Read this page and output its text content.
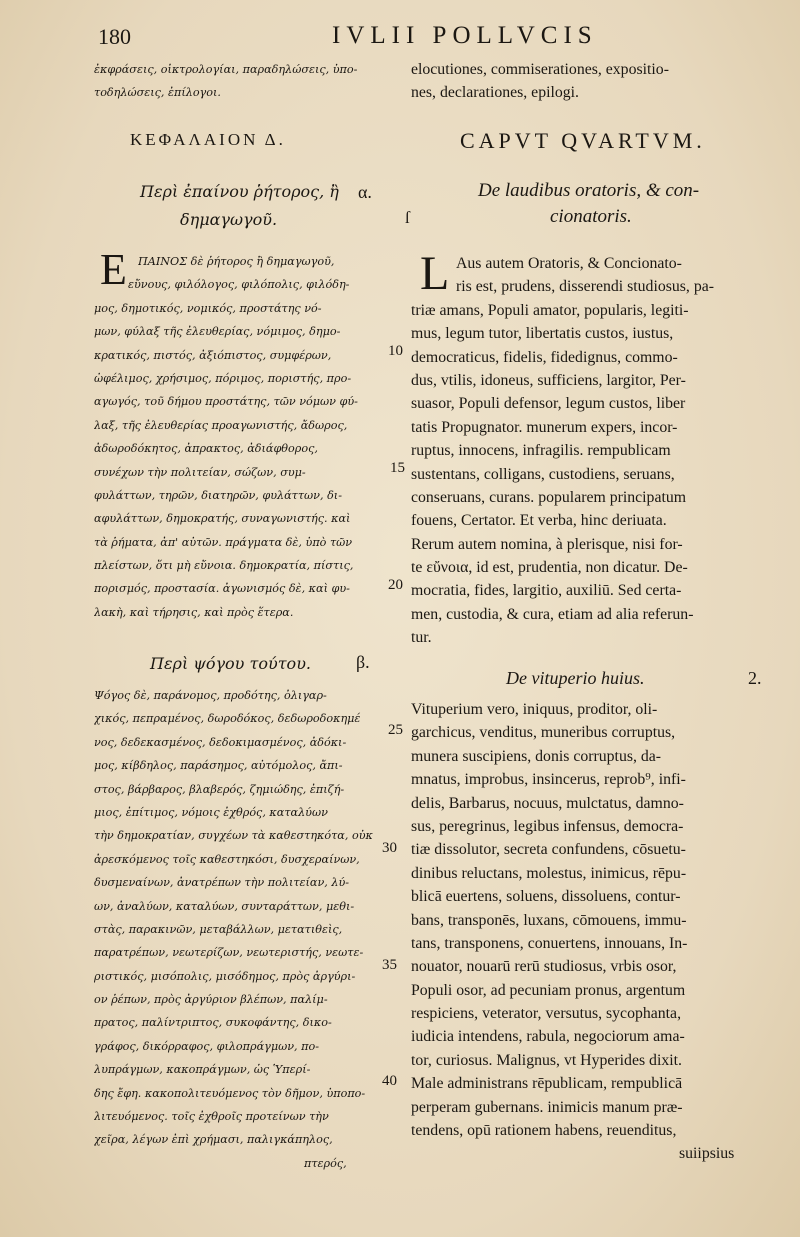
180	IVLII POLLVCIS
ἐκφράσεις, οἰκτρολογίαι, παραδηλώσεις, ὑπο-
τοδηλώσεις, ἐπίλογοι.
elocutiones, commiserationes, expositio-
nes, declarationes, epilogi.
ΚΕΦΑΛΑΙΟΝ Δ.	CAPVT QVARTVM.
Περὶ ἐπαίνου ῥήτορος, ἢ
δημαγωγοῦ.
α.	De laudibus oratoris, & con-
cionatoris.
ſ
Ε	L
ΠΑΙΝΟΣ δὲ ῥήτορος ἢ δημαγωγοῦ,
εὔνους, φιλόλογος, φιλόπολις, φιλόδη-
μος, δημοτικός, νομικός, προστάτης νό-
μων, φύλαξ τῆς ἐλευθερίας, νόμιμος, δημο-
κρατικός, πιστός, ἀξιόπιστος, συμφέρων,
ὠφέλιμος, χρήσιμος, πόριμος, ποριστής, προ-
αγωγός, τοῦ δήμου προστάτης, τῶν νόμων φύ-
λαξ, τῆς ἐλευθερίας προαγωνιστής, ἄδωρος,
ἀδωροδόκητος, ἀπρακτος, ἀδιάφθορος,
συνέχων τὴν πολιτείαν, σώζων, συμ-
φυλάττων, τηρῶν, διατηρῶν, φυλάττων, δι-
αφυλάττων, δημοκρατής, συναγωνιστής. καὶ
τὰ ῥήματα, ἀπ' αὐτῶν. πράγματα δὲ, ὑπὸ τῶν
πλείστων, ὅτι μὴ εὔνοια. δημοκρατία, πίστις,
πορισμός, προστασία. ἀγωνισμός δὲ, καὶ φυ-
λακὴ, καὶ τήρησις, καὶ πρὸς ἕτερα.
Aus autem Oratoris, & Concionato-
ris est, prudens, disserendi studiosus, pa-
triæ amans, Populi amator, popularis, legiti-
mus, legum tutor, libertatis custos, iustus,
democraticus, fidelis, fidedignus, commo-
dus, vtilis, idoneus, sufficiens, largitor, Per-
suasor, Populi defensor, legum custos, liber
tatis Propugnator. munerum expers, incor-
ruptus, innocens, infragilis. rempublicam
sustentans, colligans, custodiens, seruans,
conseruans, curans. popularem principatum
fouens, Certator. Et verba, hinc deriuata.
Rerum autem nomina, à plerisque, nisi for-
te εὔνοια, id est, prudentia, non dicatur. De-
mocratia, fides, largitio, auxiliū. Sed certa-
men, custodia, & cura, etiam ad alia referun-
tur.
Περὶ ψόγου τούτου.	β.
De vituperio huius.	2.
Ψόγος δὲ, παράνομος, προδότης, ὀλιγαρ-
χικός, πεπραμένος, δωροδόκος, δεδωροδοκημέ
νος, δεδεκασμένος, δεδοκιμασμένος, ἀδόκι-
μος, κίβδηλος, παράσημος, αὐτόμολος, ἄπι-
στος, βάρβαρος, βλαβερός, ζημιώδης, ἐπιζή-
μιος, ἐπίτιμος, νόμοις ἐχθρός, καταλύων
τὴν δημοκρατίαν, συγχέων τὰ καθεστηκότα, οὐκ
ἀρεσκόμενος τοῖς καθεστηκόσι, δυσχεραίνων,
δυσμεναίνων, ἀνατρέπων τὴν πολιτείαν, λύ-
ων, ἀναλύων, καταλύων, συνταράττων, μεθι-
στὰς, παρακινῶν, μεταβάλλων, μετατιθεὶς,
παρατρέπων, νεωτερίζων, νεωτεριστής, νεωτε-
ριστικός, μισόπολις, μισόδημος, πρὸς ἀργύρι-
ον ῥέπων, πρὸς ἀργύριον βλέπων, παλίμ-
πρατος, παλίντριπτος, συκοφάντης, δικο-
γράφος, δικόρραφος, φιλοπράγμων, πο-
λυπράγμων, κακοπράγμων, ὡς Ὑπερί-
δης ἔφη. κακοπολιτευόμενος τὸν δῆμον, ὑποπο-
λιτευόμενος. τοῖς ἐχθροῖς προτείνων τὴν
χεῖρα, λέγων ἐπὶ χρήμασι, παλιγκάπηλος,
πτερός,
Vituperium vero, iniquus, proditor, oli-
garchicus, venditus, muneribus corruptus,
munera suscipiens, donis corruptus, da-
mnatus, improbus, insincerus, reprob⁹, infi-
delis, Barbarus, nocuus, mulctatus, damno-
sus, peregrinus, legibus infensus, democra-
tiæ dissolutor, secreta confundens, cōsuetu-
dinibus reluctans, molestus, inimicus, rēpu-
blicā euertens, soluens, dissoluens, contur-
bans, transponēs, luxans, cōmouens, immu-
tans, transponens, conuertens, innouans, In-
nouator, nouarū rerū studiosus, vrbis osor,
Populi osor, ad pecuniam pronus, argentum
respiciens, veterator, versutus, sycophanta,
iudicia intendens, rabula, negociorum ama-
tor, curiosus. Malignus, vt Hyperides dixit.
Male administrans rēpublicam, rempublicā
perperam gubernans. inimicis manum præ-
tendens, opū rationem habens, reuenditus,
suiipsius
10
15
20
25
30
35
40
